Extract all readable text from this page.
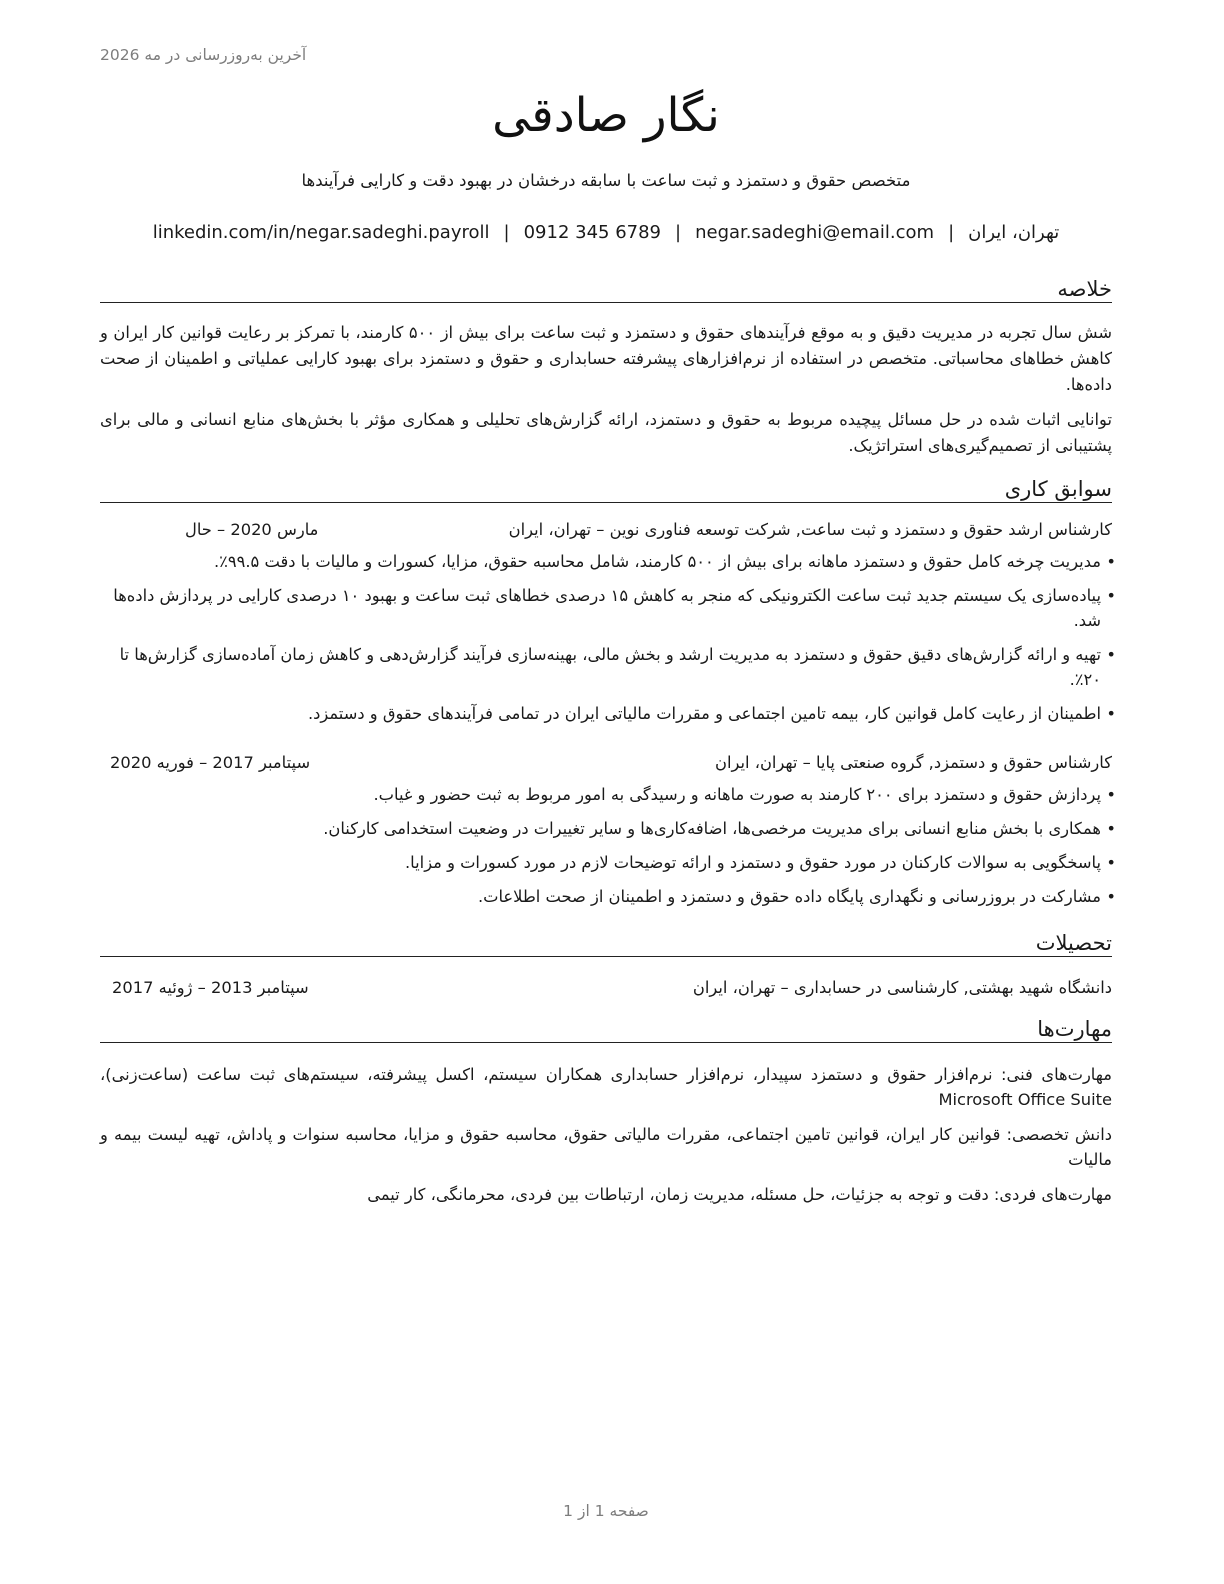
آخرین به‌روزرسانی در مه 2026
نگار صادقی
متخصص حقوق و دستمزد و ثبت ساعت با سابقه درخشان در بهبود دقت و کارایی فرآیندها
تهران، ایران|negar.sadeghi@email.com|0912 345 6789|linkedin.com/in/negar.sadeghi.payroll
خلاصه

شش سال تجربه در مدیریت دقیق و به موقع فرآیندهای حقوق و دستمزد و ثبت ساعت برای بیش از ۵۰۰ کارمند، با تمرکز بر رعایت قوانین کار ایران و کاهش خطاهای محاسباتی. متخصص در استفاده از نرم‌افزارهای پیشرفته حسابداری و حقوق و دستمزد برای بهبود کارایی عملیاتی و اطمینان از صحت داده‌ها.

توانایی اثبات شده در حل مسائل پیچیده مربوط به حقوق و دستمزد، ارائه گزارش‌های تحلیلی و همکاری مؤثر با بخش‌های منابع انسانی و مالی برای پشتیبانی از تصمیم‌گیری‌های استراتژیک.

سوابق کاری
کارشناس ارشد حقوق و دستمزد و ثبت ساعت, شرکت توسعه فناوری نوین – تهران، ایران
مارس 2020 – حال
•
مدیریت چرخه کامل حقوق و دستمزد ماهانه برای بیش از ۵۰۰ کارمند، شامل محاسبه حقوق، مزایا، کسورات و مالیات با دقت ۹۹.۵٪.
•
پیاده‌سازی یک سیستم جدید ثبت ساعت الکترونیکی که منجر به کاهش ۱۵ درصدی خطاهای ثبت ساعت و بهبود ۱۰ درصدی کارایی در پردازش داده‌ها شد.
•
تهیه و ارائه گزارش‌های دقیق حقوق و دستمزد به مدیریت ارشد و بخش مالی، بهینه‌سازی فرآیند گزارش‌دهی و کاهش زمان آماده‌سازی گزارش‌ها تا ۲۰٪.
•
اطمینان از رعایت کامل قوانین کار، بیمه تامین اجتماعی و مقررات مالیاتی ایران در تمامی فرآیندهای حقوق و دستمزد.
کارشناس حقوق و دستمزد, گروه صنعتی پایا – تهران، ایران
سپتامبر 2017 – فوریه 2020
•
پردازش حقوق و دستمزد برای ۲۰۰ کارمند به صورت ماهانه و رسیدگی به امور مربوط به ثبت حضور و غیاب.
•
همکاری با بخش منابع انسانی برای مدیریت مرخصی‌ها، اضافه‌کاری‌ها و سایر تغییرات در وضعیت استخدامی کارکنان.
•
پاسخگویی به سوالات کارکنان در مورد حقوق و دستمزد و ارائه توضیحات لازم در مورد کسورات و مزایا.
•
مشارکت در بروزرسانی و نگهداری پایگاه داده حقوق و دستمزد و اطمینان از صحت اطلاعات.
تحصیلات
دانشگاه شهید بهشتی, کارشناسی در حسابداری – تهران، ایران
سپتامبر 2013 – ژوئیه 2017
مهارت‌ها

مهارت‌های فنی: نرم‌افزار حقوق و دستمزد سپیدار، نرم‌افزار حسابداری همکاران سیستم، اکسل پیشرفته، سیستم‌های ثبت ساعت (ساعت‌زنی)، Microsoft Office Suite

دانش تخصصی: قوانین کار ایران، قوانین تامین اجتماعی، مقررات مالیاتی حقوق، محاسبه حقوق و مزایا، محاسبه سنوات و پاداش، تهیه لیست بیمه و مالیات

مهارت‌های فردی: دقت و توجه به جزئیات، حل مسئله، مدیریت زمان، ارتباطات بین فردی، محرمانگی، کار تیمی

صفحه 1 از 1
